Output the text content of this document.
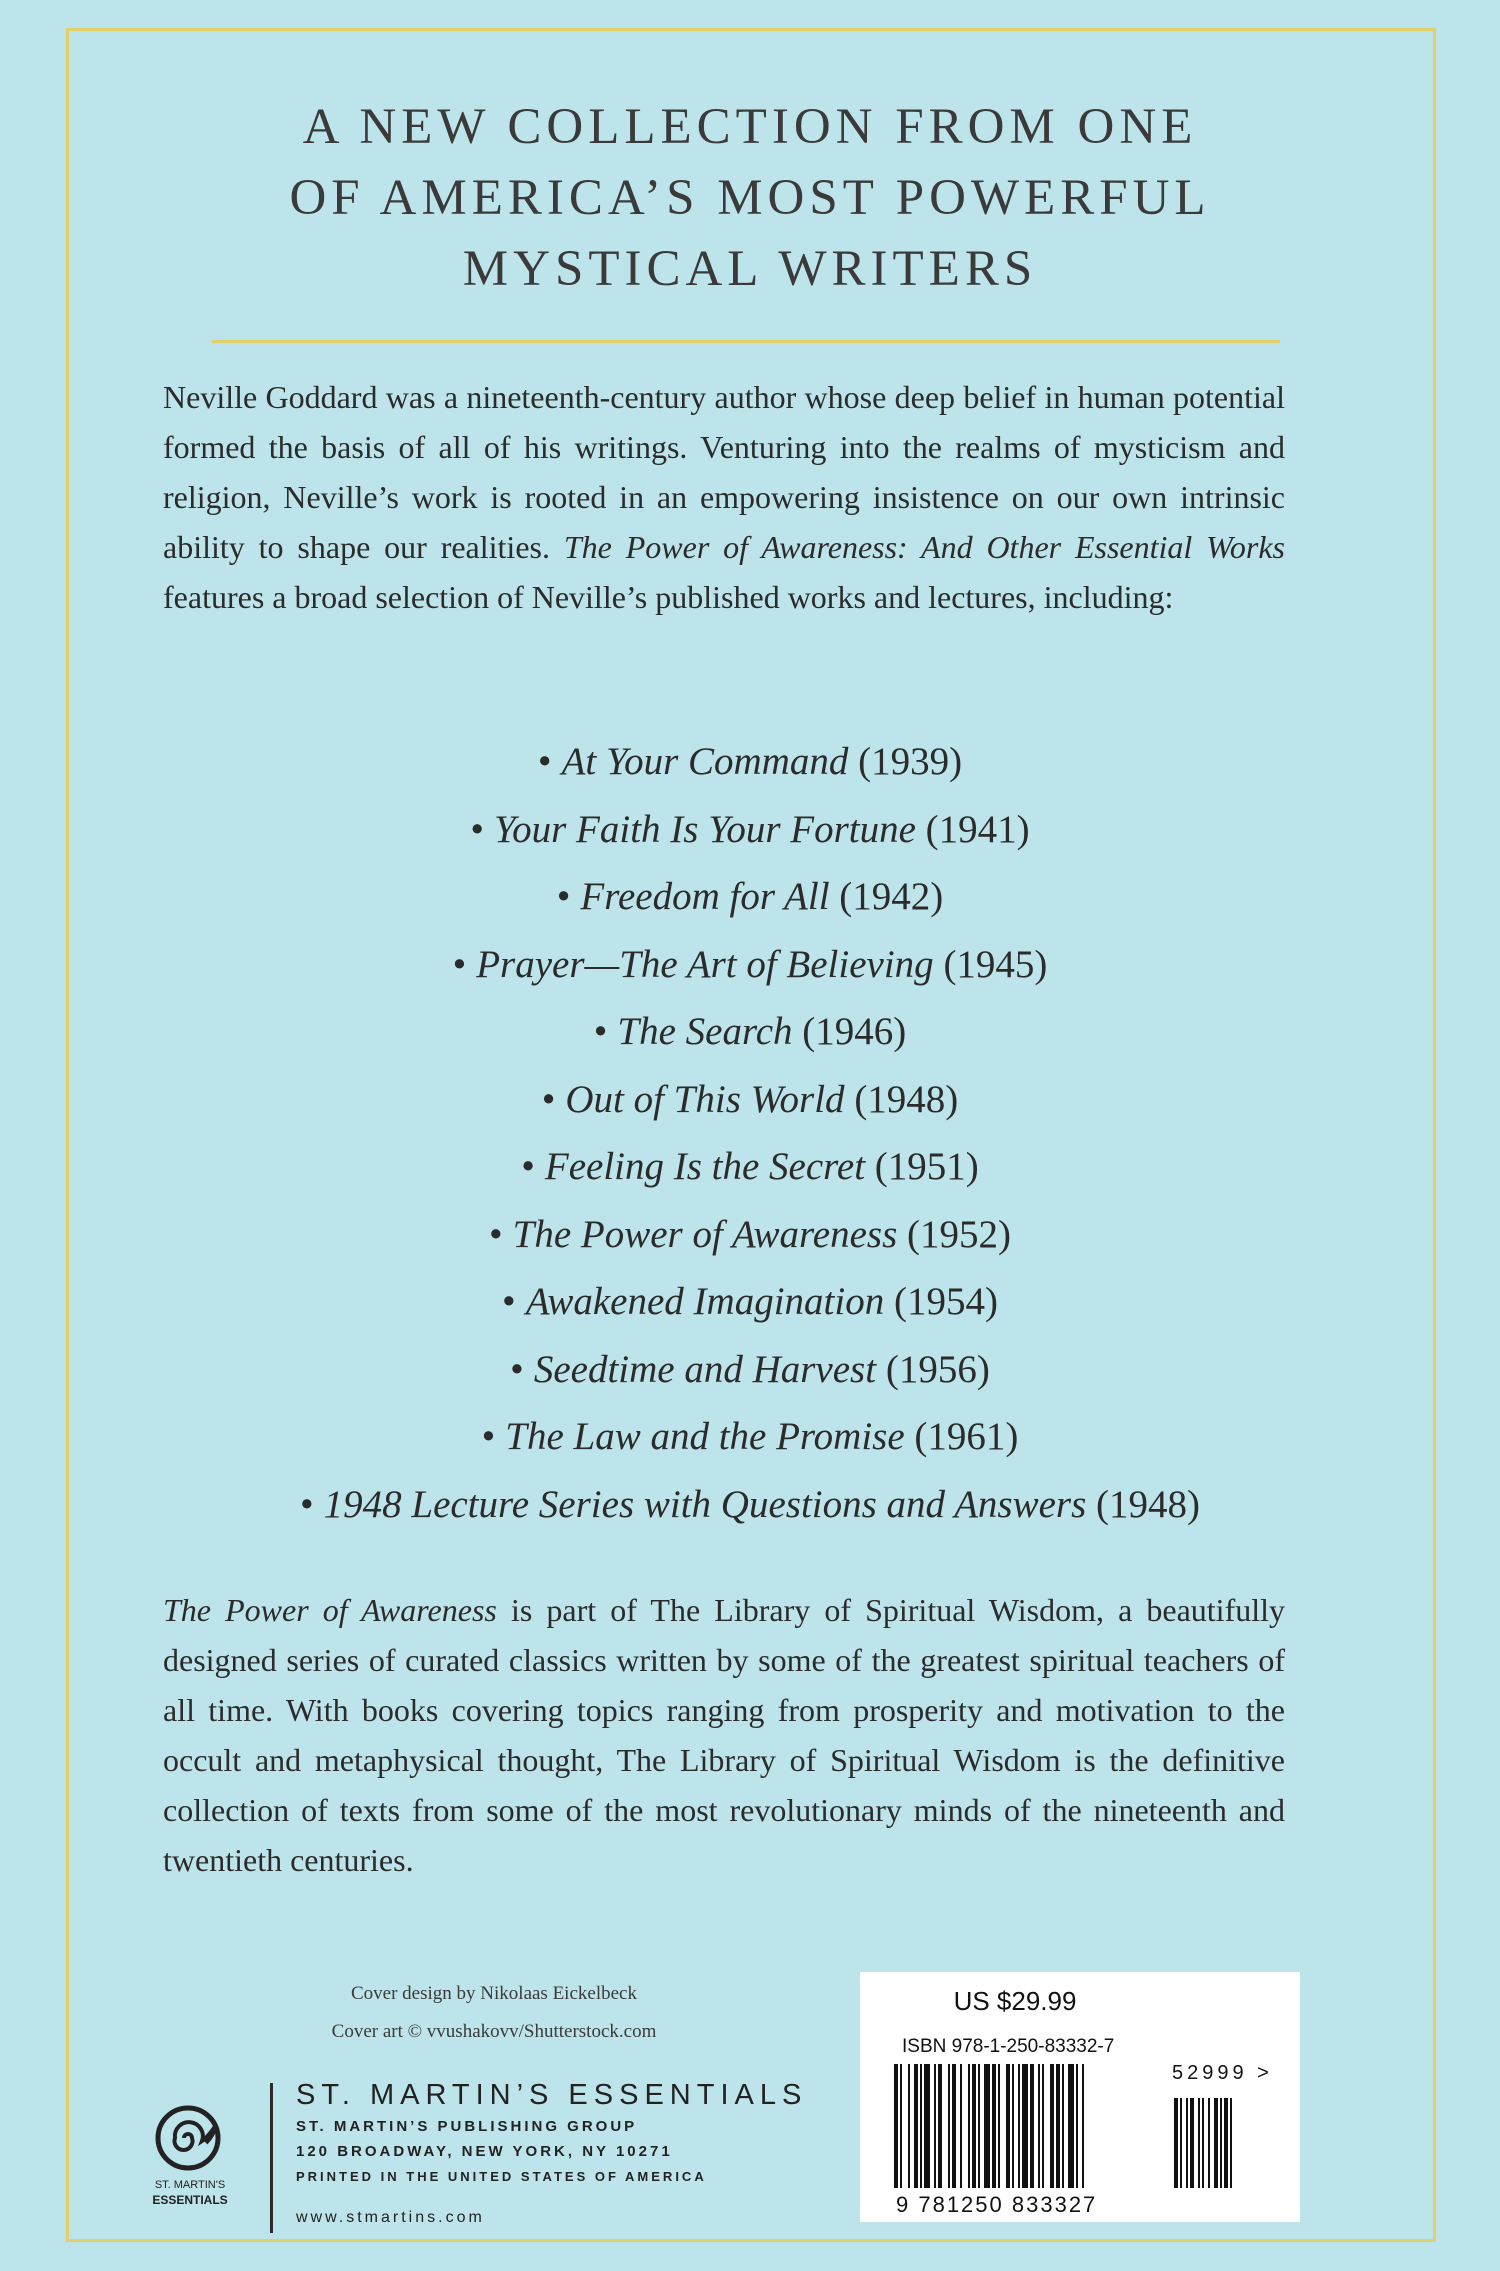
A NEW COLLECTION FROM ONE
OF AMERICA’S MOST POWERFUL
MYSTICAL WRITERS

Neville Goddard was a nineteenth-century author whose deep belief in human potential formed the basis of all of his writings. Venturing into the realms of mysticism and religion, Neville’s work is rooted in an empowering insistence on our own intrinsic ability to shape our realities. The Power of Awareness: And Other Essential Works features a broad selection of Neville’s published works and lectures, including:

• At Your Command (1939)
• Your Faith Is Your Fortune (1941)
• Freedom for All (1942)
• Prayer—The Art of Believing (1945)
• The Search (1946)
• Out of This World (1948)
• Feeling Is the Secret (1951)
• The Power of Awareness (1952)
• Awakened Imagination (1954)
• Seedtime and Harvest (1956)
• The Law and the Promise (1961)
• 1948 Lecture Series with Questions and Answers (1948)

The Power of Awareness is part of The Library of Spiritual Wisdom, a beautifully designed series of curated classics written by some of the greatest spiritual teachers of all time. With books covering topics ranging from prosperity and motivation to the occult and metaphysical thought, The Library of Spiritual Wisdom is the definitive collection of texts from some of the most revolutionary minds of the nineteenth and twentieth centuries.

Cover design by Nikolaas Eickelbeck
Cover art © vvushakovv/Shutterstock.com
ST. MARTIN'S
ESSENTIALS
ST. MARTIN’S ESSENTIALS
ST. MARTIN’S PUBLISHING GROUP
120 BROADWAY, NEW YORK, NY 10271
PRINTED IN THE UNITED STATES OF AMERICA
www.stmartins.com
US $29.99
ISBN 978-1-250-83332-7
52999 >
9 781250 833327
